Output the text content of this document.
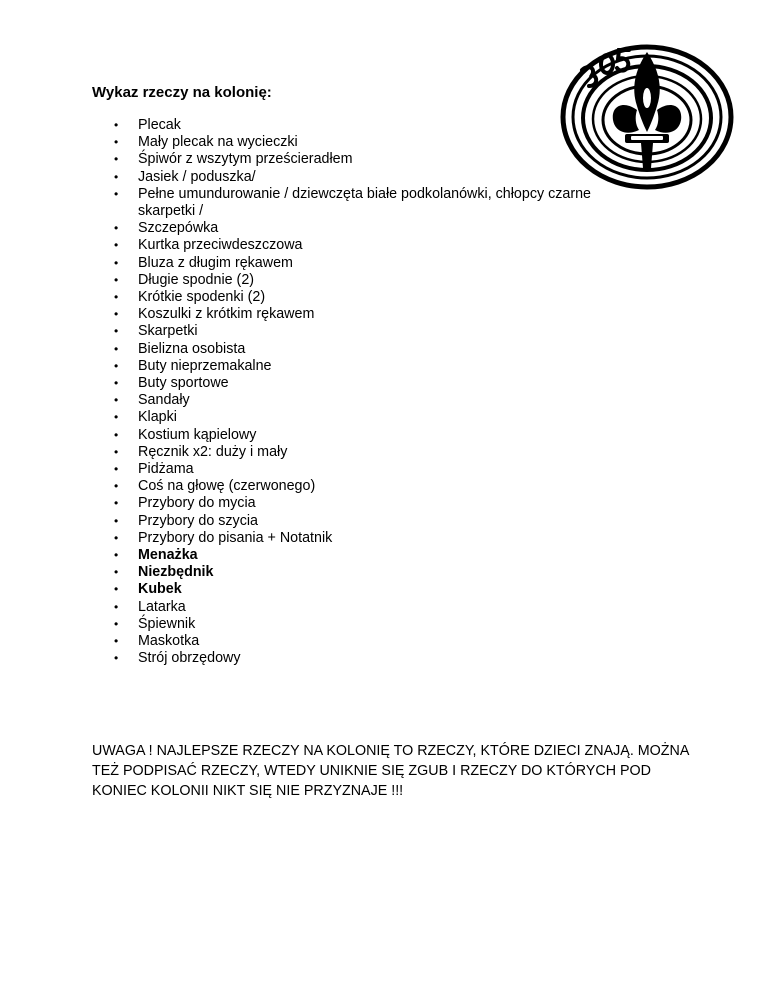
Wykaz rzeczy na kolonię:
• Plecak
• Mały plecak na wycieczki
• Śpiwór z wszytym prześcieradłem
• Jasiek / poduszka/
• Pełne umundurowanie / dziewczęta białe podkolanówki, chłopcy czarne skarpetki /
• Szczepówka
• Kurtka przeciwdeszczowa
• Bluza z długim rękawem
• Długie spodnie (2)
• Krótkie spodenki (2)
• Koszulki z krótkim rękawem
• Skarpetki
• Bielizna osobista
• Buty nieprzemakalne
• Buty sportowe
• Sandały
• Klapki
• Kostium kąpielowy
• Ręcznik x2: duży i mały
• Pidżama
• Coś na głowę (czerwonego)
• Przybory do mycia
• Przybory do szycia
• Przybory do pisania + Notatnik
• Menażka
• Niezbędnik
• Kubek
• Latarka
• Śpiewnik
• Maskotka
• Strój obrzędowy
UWAGA ! NAJLEPSZE RZECZY NA KOLONIĘ TO RZECZY, KTÓRE DZIECI ZNAJĄ. MOŻNA TEŻ PODPISAĆ RZECZY, WTEDY UNIKNIE SIĘ ZGUB I RZECZY DO KTÓRYCH POD KONIEC KOLONII NIKT SIĘ NIE PRZYZNAJE !!!
